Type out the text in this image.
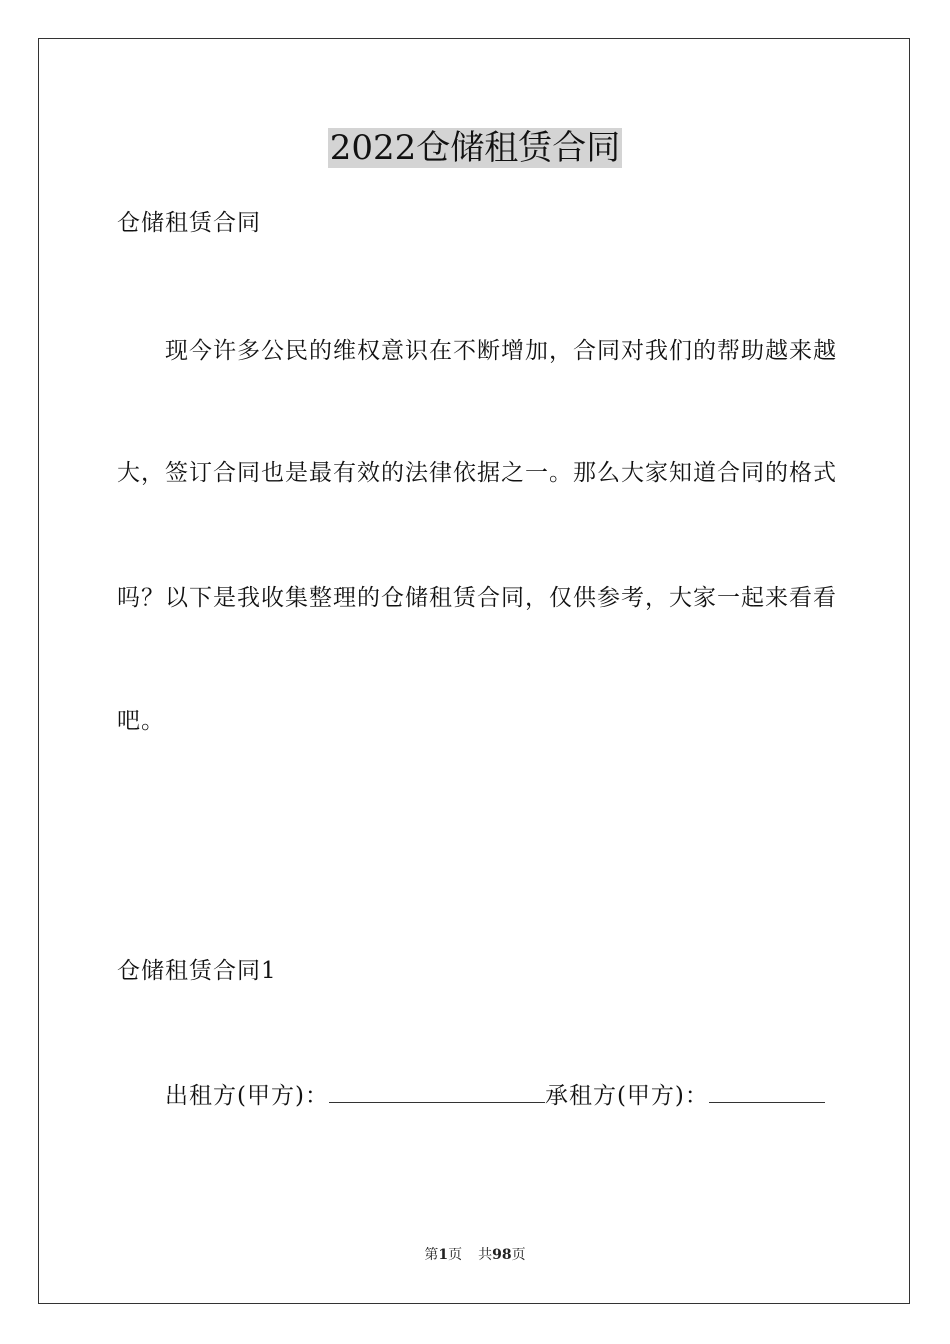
2022仓储租赁合同
仓储租赁合同
现今许多公民的维权意识在不断增加，合同对我们的帮助越来越
大，签订合同也是最有效的法律依据之一。那么大家知道合同的格式
吗？以下是我收集整理的仓储租赁合同，仅供参考，大家一起来看看
吧。
仓储租赁合同1
出租方(甲方)：	承租方(甲方)：
第1页 共98页
